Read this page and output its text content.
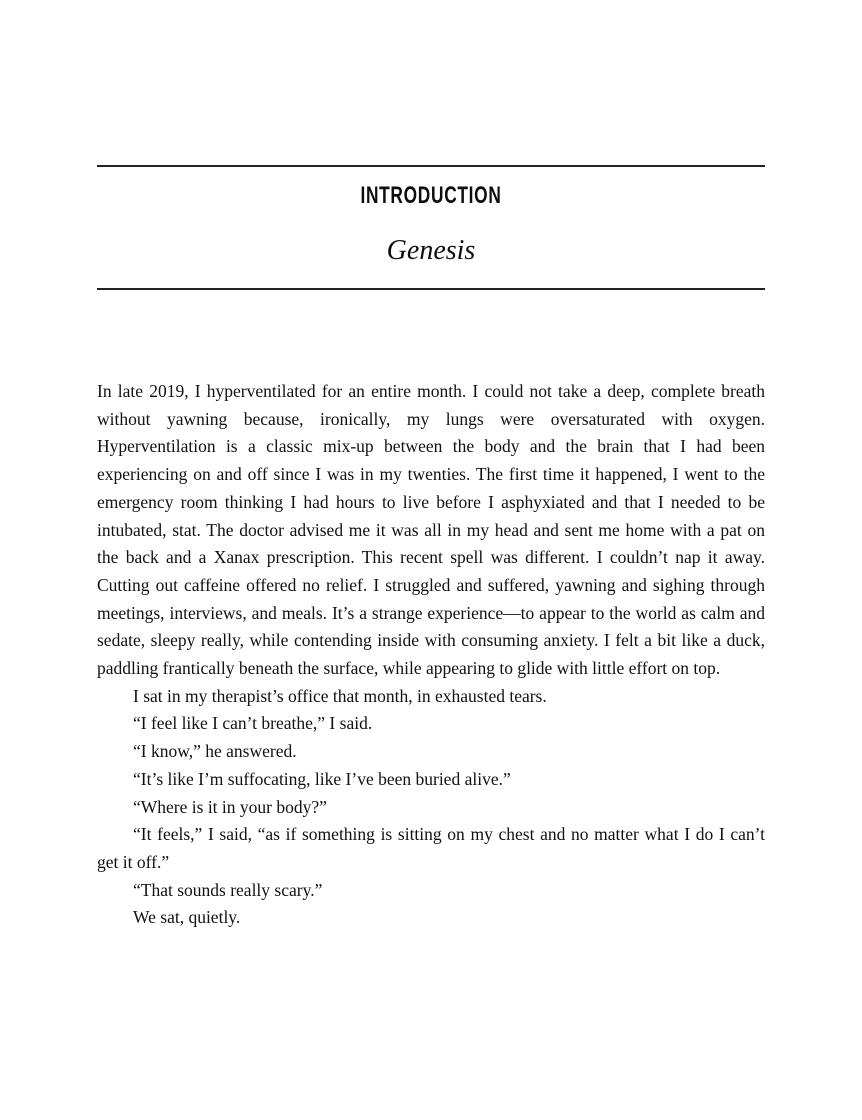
INTRODUCTION
Genesis

In late 2019, I hyperventilated for an entire month. I could not take a deep, complete breath without yawning because, ironically, my lungs were oversaturated with oxygen. Hyperventilation is a classic mix-up between the body and the brain that I had been experiencing on and off since I was in my twenties. The first time it happened, I went to the emergency room thinking I had hours to live before I asphyxiated and that I needed to be intubated, stat. The doctor advised me it was all in my head and sent me home with a pat on the back and a Xanax prescription. This recent spell was different. I couldn’t nap it away. Cutting out caffeine offered no relief. I struggled and suffered, yawning and sighing through meetings, interviews, and meals. It’s a strange experience—to appear to the world as calm and sedate, sleepy really, while contending inside with consuming anxiety. I felt a bit like a duck, paddling frantically beneath the surface, while appearing to glide with little effort on top.

I sat in my therapist’s office that month, in exhausted tears.

“I feel like I can’t breathe,” I said.

“I know,” he answered.

“It’s like I’m suffocating, like I’ve been buried alive.”

“Where is it in your body?”

“It feels,” I said, “as if something is sitting on my chest and no matter what I do I can’t get it off.”

“That sounds really scary.”

We sat, quietly.
